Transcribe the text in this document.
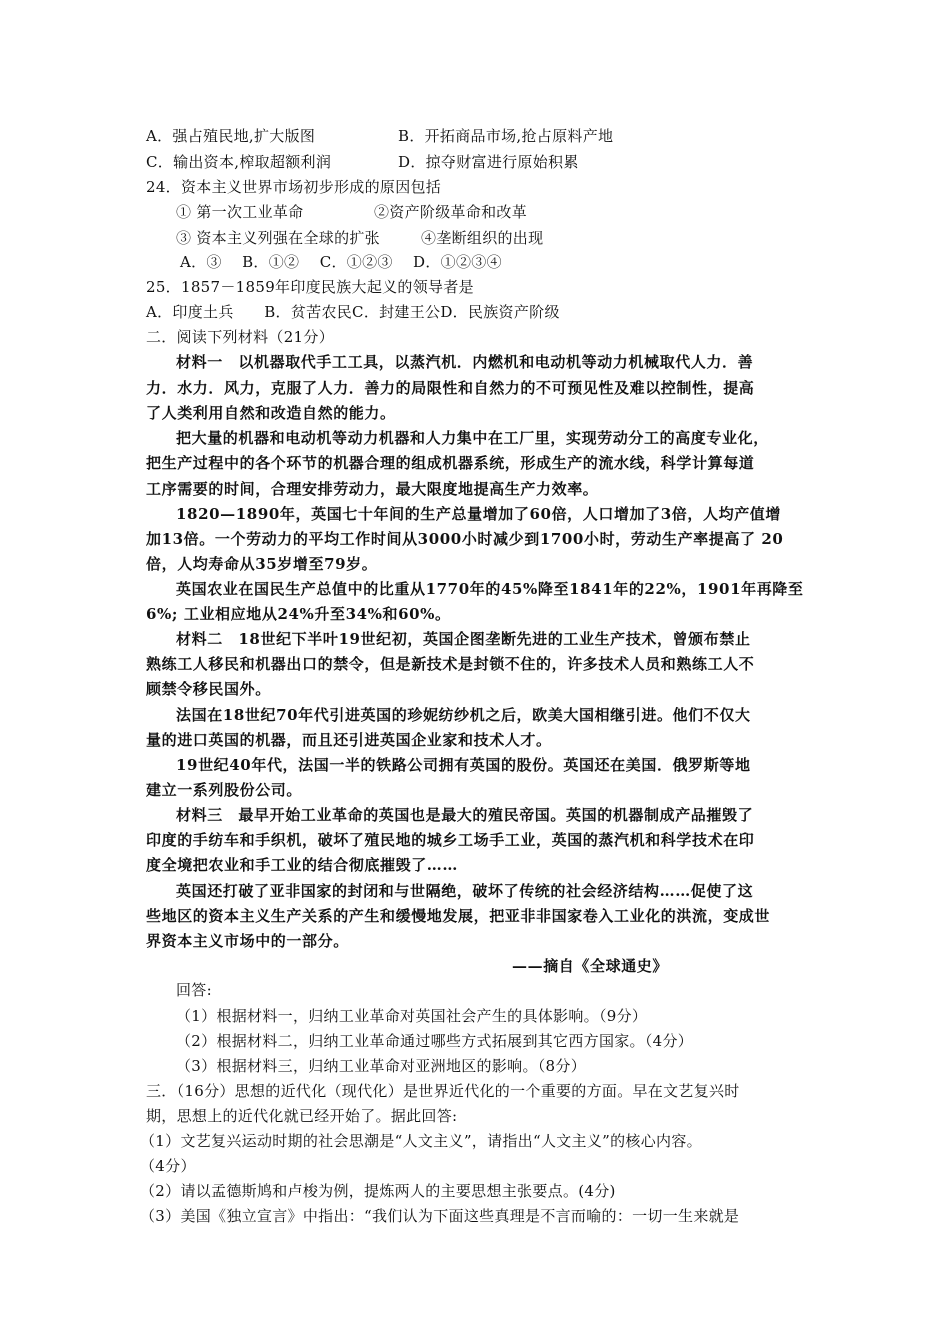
A．强占殖民地,扩大版图	B．开拓商品市场,抢占原料产地
C．输出资本,榨取超额利润	D．掠夺财富进行原始积累
24．资本主义世界市场初步形成的原因包括
① 第一次工业革命	②资产阶级革命和改革
③ 资本主义列强在全球的扩张	④垄断组织的出现
A．③　 B．①②　 C．①②③　 D．①②③④
25．1857－1859年印度民族大起义的领导者是
A．印度土兵　　B．贫苦农民C．封建王公D．民族资产阶级
二．阅读下列材料（21分）
材料一　以机器取代手工工具，以蒸汽机．内燃机和电动机等动力机械取代人力．善
力．水力．风力，克服了人力．善力的局限性和自然力的不可预见性及难以控制性，提高
了人类利用自然和改造自然的能力。
把大量的机器和电动机等动力机器和人力集中在工厂里，实现劳动分工的高度专业化，
把生产过程中的各个环节的机器合理的组成机器系统，形成生产的流水线，科学计算每道
工序需要的时间，合理安排劳动力，最大限度地提高生产力效率。
1820—1890年，英国七十年间的生产总量增加了60倍，人口增加了3倍，人均产值增
加13倍。一个劳动力的平均工作时间从3000小时减少到1700小时，劳动生产率提高了 20
倍，人均寿命从35岁增至79岁。
英国农业在国民生产总值中的比重从1770年的45%降至1841年的22%，1901年再降至
6%; 工业相应地从24%升至34%和60%。
材料二　18世纪下半叶19世纪初，英国企图垄断先进的工业生产技术，曾颁布禁止
熟练工人移民和机器出口的禁令，但是新技术是封锁不住的，许多技术人员和熟练工人不
顾禁令移民国外。
法国在18世纪70年代引进英国的珍妮纺纱机之后，欧美大国相继引进。他们不仅大
量的进口英国的机器，而且还引进英国企业家和技术人才。
19世纪40年代，法国一半的铁路公司拥有英国的股份。英国还在美国．俄罗斯等地
建立一系列股份公司。
材料三　最早开始工业革命的英国也是最大的殖民帝国。英国的机器制成产品摧毁了
印度的手纺车和手织机，破坏了殖民地的城乡工场手工业，英国的蒸汽机和科学技术在印
度全境把农业和手工业的结合彻底摧毁了……
英国还打破了亚非国家的封闭和与世隔绝，破坏了传统的社会经济结构……促使了这
些地区的资本主义生产关系的产生和缓慢地发展，把亚非非国家卷入工业化的洪流，变成世
界资本主义市场中的一部分。
——摘自《全球通史》
回答:
（1）根据材料一，归纳工业革命对英国社会产生的具体影响。（9分）
（2）根据材料二，归纳工业革命通过哪些方式拓展到其它西方国家。（4分）
（3）根据材料三，归纳工业革命对亚洲地区的影响。（8分）
三．（16分）思想的近代化（现代化）是世界近代化的一个重要的方面。早在文艺复兴时
期，思想上的近代化就已经开始了。据此回答:
（1）文艺复兴运动时期的社会思潮是“人文主义”，请指出“人文主义”的核心内容。
（4分）
（2）请以孟德斯鸠和卢梭为例，提炼两人的主要思想主张要点。(4分)
（3）美国《独立宣言》中指出：“我们认为下面这些真理是不言而喻的：一切一生来就是
